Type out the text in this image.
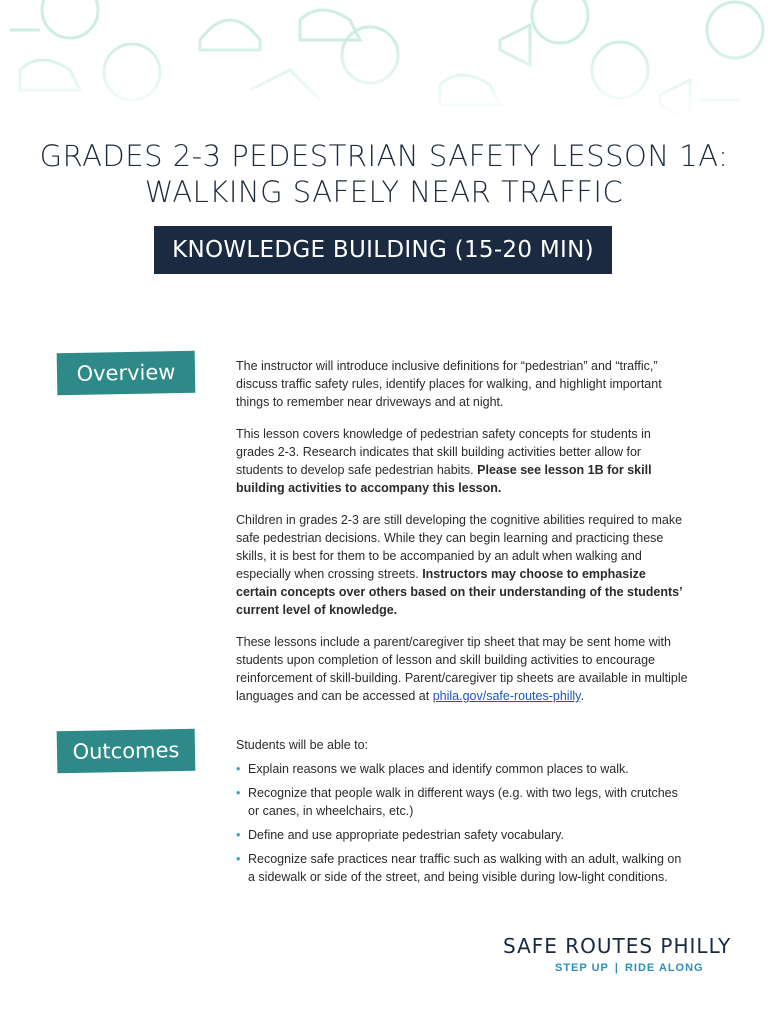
GRADES 2-3 PEDESTRIAN SAFETY LESSON 1A:
WALKING SAFELY NEAR TRAFFIC
KNOWLEDGE BUILDING (15-20 MIN)
Overview	The instructor will introduce inclusive definitions for “pedestrian” and “traffic,” discuss traffic safety rules, identify places for walking, and highlight important things to remember near driveways and at night.

This lesson covers knowledge of pedestrian safety concepts for students in grades 2-3. Research indicates that skill building activities better allow for students to develop safe pedestrian habits. Please see lesson 1B for skill building activities to accompany this lesson.

Children in grades 2-3 are still developing the cognitive abilities required to make safe pedestrian decisions. While they can begin learning and practicing these skills, it is best for them to be accompanied by an adult when walking and especially when crossing streets. Instructors may choose to emphasize certain concepts over others based on their understanding of the students’ current level of knowledge.

These lessons include a parent/caregiver tip sheet that may be sent home with students upon completion of lesson and skill building activities to encourage reinforcement of skill-building. Parent/caregiver tip sheets are available in multiple languages and can be accessed at phila.gov/safe-routes-philly.

Outcomes	Students will be able to:
• Explain reasons we walk places and identify common places to walk.
• Recognize that people walk in different ways (e.g. with two legs, with crutches or canes, in wheelchairs, etc.)
• Define and use appropriate pedestrian safety vocabulary.
• Recognize safe practices near traffic such as walking with an adult, walking on a sidewalk or side of the street, and being visible during low-light conditions.
SAFE ROUTES PHILLY
STEP UP | RIDE ALONG
